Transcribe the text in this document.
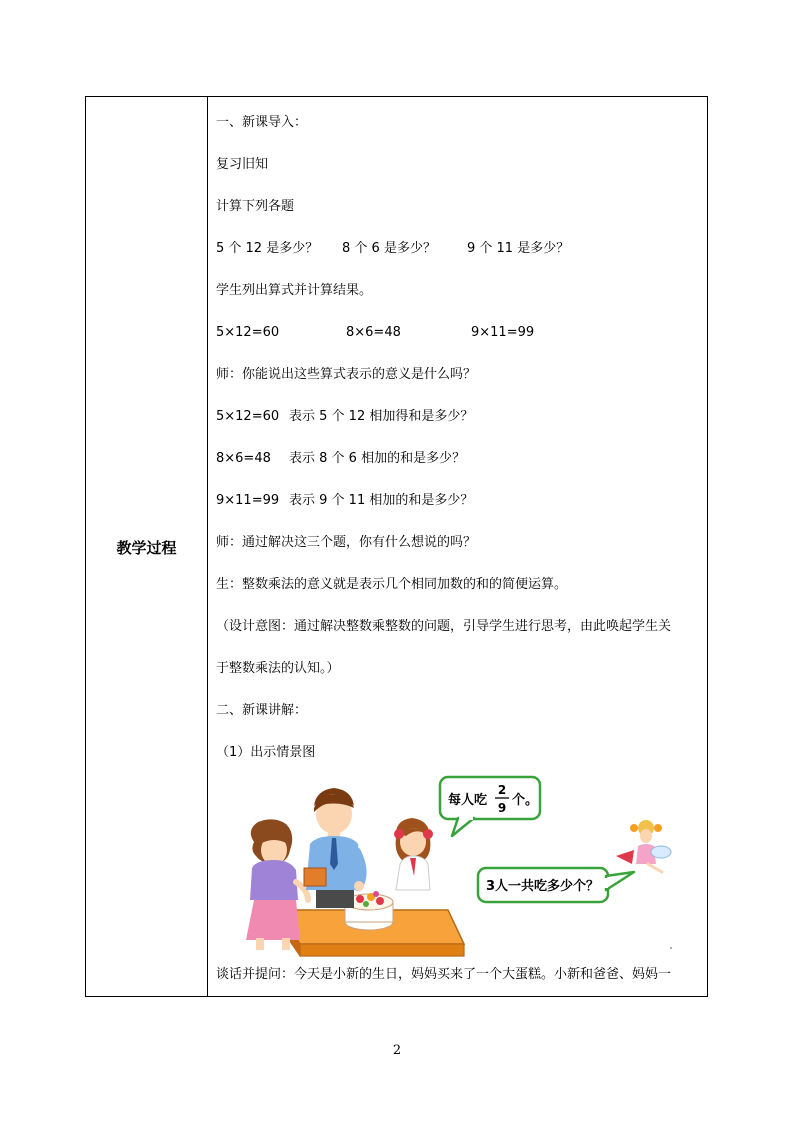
教学过程
一、新课导入：
复习旧知
计算下列各题
5 个 12 是多少？ 8 个 6 是多少？ 9 个 11 是多少？
学生列出算式并计算结果。
5×12=60	8×6=48	9×11=99
师：你能说出这些算式表示的意义是什么吗？
5×12=60 表示 5 个 12 相加得和是多少？
8×6=48 表示 8 个 6 相加的和是多少？
9×11=99 表示 9 个 11 相加的和是多少？
师：通过解决这三个题，你有什么想说的吗？
生：整数乘法的意义就是表示几个相同加数的和的简便运算。
（设计意图：通过解决整数乘整数的问题，引导学生进行思考，由此唤起学生关
于整数乘法的认知。）
二、新课讲解：
（1）出示情景图
每人吃
2
9 个。
3人一共吃多少个？
谈话并提问：今天是小新的生日，妈妈买来了一个大蛋糕。小新和爸爸、妈妈一
2
